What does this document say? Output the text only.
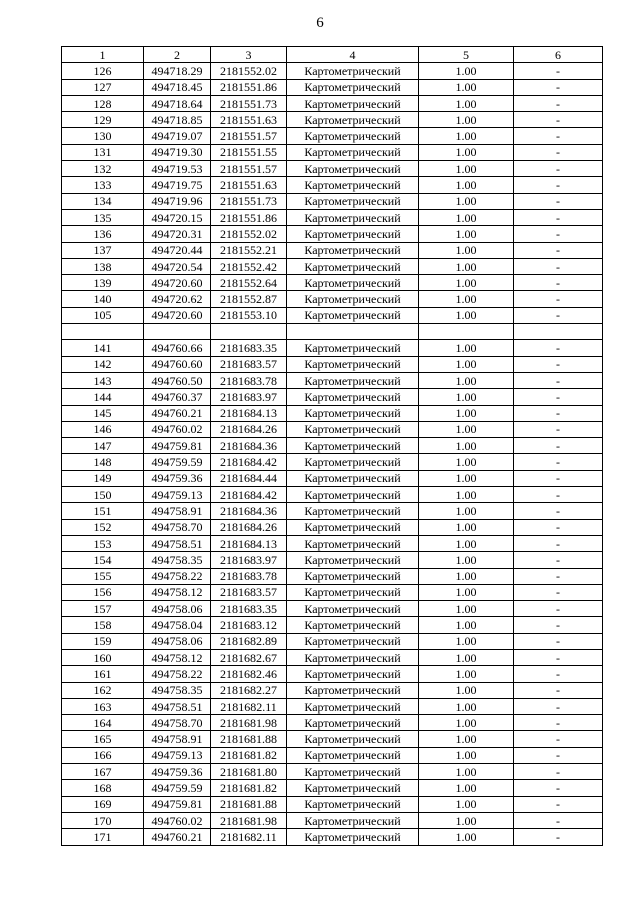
6
1	2	3	4	5	6
126	494718.29	2181552.02	Картометрический	1.00	-
127	494718.45	2181551.86	Картометрический	1.00	-
128	494718.64	2181551.73	Картометрический	1.00	-
129	494718.85	2181551.63	Картометрический	1.00	-
130	494719.07	2181551.57	Картометрический	1.00	-
131	494719.30	2181551.55	Картометрический	1.00	-
132	494719.53	2181551.57	Картометрический	1.00	-
133	494719.75	2181551.63	Картометрический	1.00	-
134	494719.96	2181551.73	Картометрический	1.00	-
135	494720.15	2181551.86	Картометрический	1.00	-
136	494720.31	2181552.02	Картометрический	1.00	-
137	494720.44	2181552.21	Картометрический	1.00	-
138	494720.54	2181552.42	Картометрический	1.00	-
139	494720.60	2181552.64	Картометрический	1.00	-
140	494720.62	2181552.87	Картометрический	1.00	-
105	494720.60	2181553.10	Картометрический	1.00	-

141	494760.66	2181683.35	Картометрический	1.00	-
142	494760.60	2181683.57	Картометрический	1.00	-
143	494760.50	2181683.78	Картометрический	1.00	-
144	494760.37	2181683.97	Картометрический	1.00	-
145	494760.21	2181684.13	Картометрический	1.00	-
146	494760.02	2181684.26	Картометрический	1.00	-
147	494759.81	2181684.36	Картометрический	1.00	-
148	494759.59	2181684.42	Картометрический	1.00	-
149	494759.36	2181684.44	Картометрический	1.00	-
150	494759.13	2181684.42	Картометрический	1.00	-
151	494758.91	2181684.36	Картометрический	1.00	-
152	494758.70	2181684.26	Картометрический	1.00	-
153	494758.51	2181684.13	Картометрический	1.00	-
154	494758.35	2181683.97	Картометрический	1.00	-
155	494758.22	2181683.78	Картометрический	1.00	-
156	494758.12	2181683.57	Картометрический	1.00	-
157	494758.06	2181683.35	Картометрический	1.00	-
158	494758.04	2181683.12	Картометрический	1.00	-
159	494758.06	2181682.89	Картометрический	1.00	-
160	494758.12	2181682.67	Картометрический	1.00	-
161	494758.22	2181682.46	Картометрический	1.00	-
162	494758.35	2181682.27	Картометрический	1.00	-
163	494758.51	2181682.11	Картометрический	1.00	-
164	494758.70	2181681.98	Картометрический	1.00	-
165	494758.91	2181681.88	Картометрический	1.00	-
166	494759.13	2181681.82	Картометрический	1.00	-
167	494759.36	2181681.80	Картометрический	1.00	-
168	494759.59	2181681.82	Картометрический	1.00	-
169	494759.81	2181681.88	Картометрический	1.00	-
170	494760.02	2181681.98	Картометрический	1.00	-
171	494760.21	2181682.11	Картометрический	1.00	-
